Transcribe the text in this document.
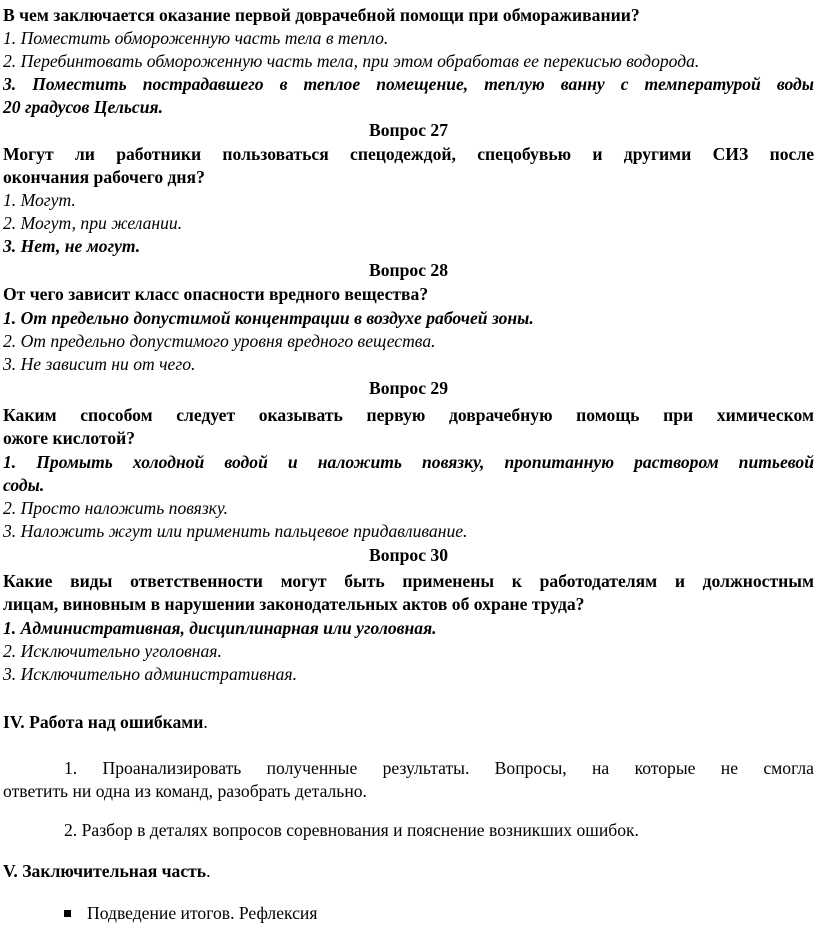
В чем заключается оказание первой доврачебной помощи при обмораживании?
1. Поместить обмороженную часть тела в тепло.
2. Перебинтовать обмороженную часть тела, при этом обработав ее перекисью водорода.
3. Поместить пострадавшего в теплое помещение, теплую ванну с температурой воды
20 градусов Цельсия.
Вопрос 27
Могут ли работники пользоваться спецодеждой, спецобувью и другими СИЗ после
окончания рабочего дня?
1. Могут.
2. Могут, при желании.
3. Нет, не могут.
Вопрос 28
От чего зависит класс опасности вредного вещества?
1. От предельно допустимой концентрации в воздухе рабочей зоны.
2. От предельно допустимого уровня вредного вещества.
3. Не зависит ни от чего.
Вопрос 29
Каким способом следует оказывать первую доврачебную помощь при химическом
ожоге кислотой?
1. Промыть холодной водой и наложить повязку, пропитанную раствором питьевой
соды.
2. Просто наложить повязку.
3. Наложить жгут или применить пальцевое придавливание.
Вопрос 30
Какие виды ответственности могут быть применены к работодателям и должностным
лицам, виновным в нарушении законодательных актов об охране труда?
1. Административная, дисциплинарная или уголовная.
2. Исключительно уголовная.
3. Исключительно административная.
IV. Работа над ошибками.
1. Проанализировать полученные результаты. Вопросы, на которые не смогла
ответить ни одна из команд, разобрать детально.
2. Разбор в деталях вопросов соревнования и пояснение возникших ошибок.
V. Заключительная часть.
Подведение итогов. Рефлексия
